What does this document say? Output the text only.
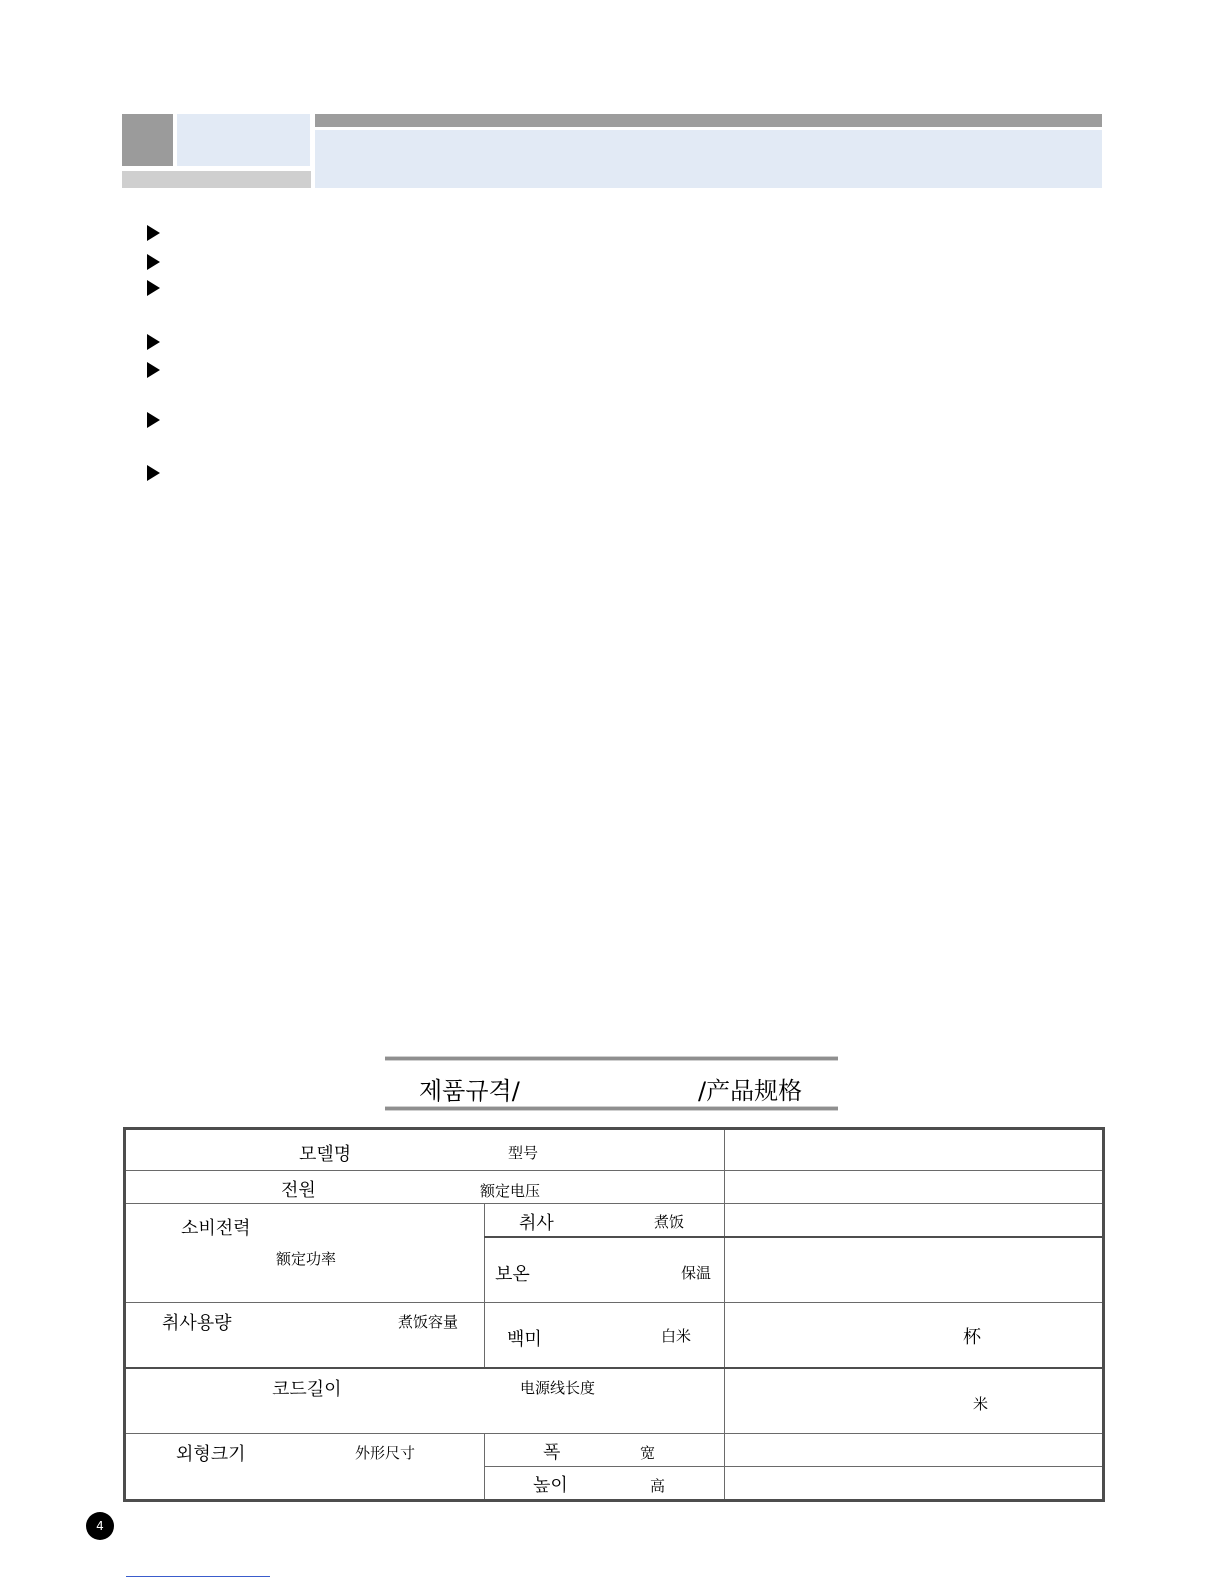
제품규격/	/产品规格
모델명 型号		

전원 额定电压		

소비전력
额定功率	취사 煮饭	

	보온 保温	

취사용량 煮饭容量	백미 白米	杯

코드길이 电源线长度		米

외형크기 外形尺寸	폭 宽	

	높이 高	

4
